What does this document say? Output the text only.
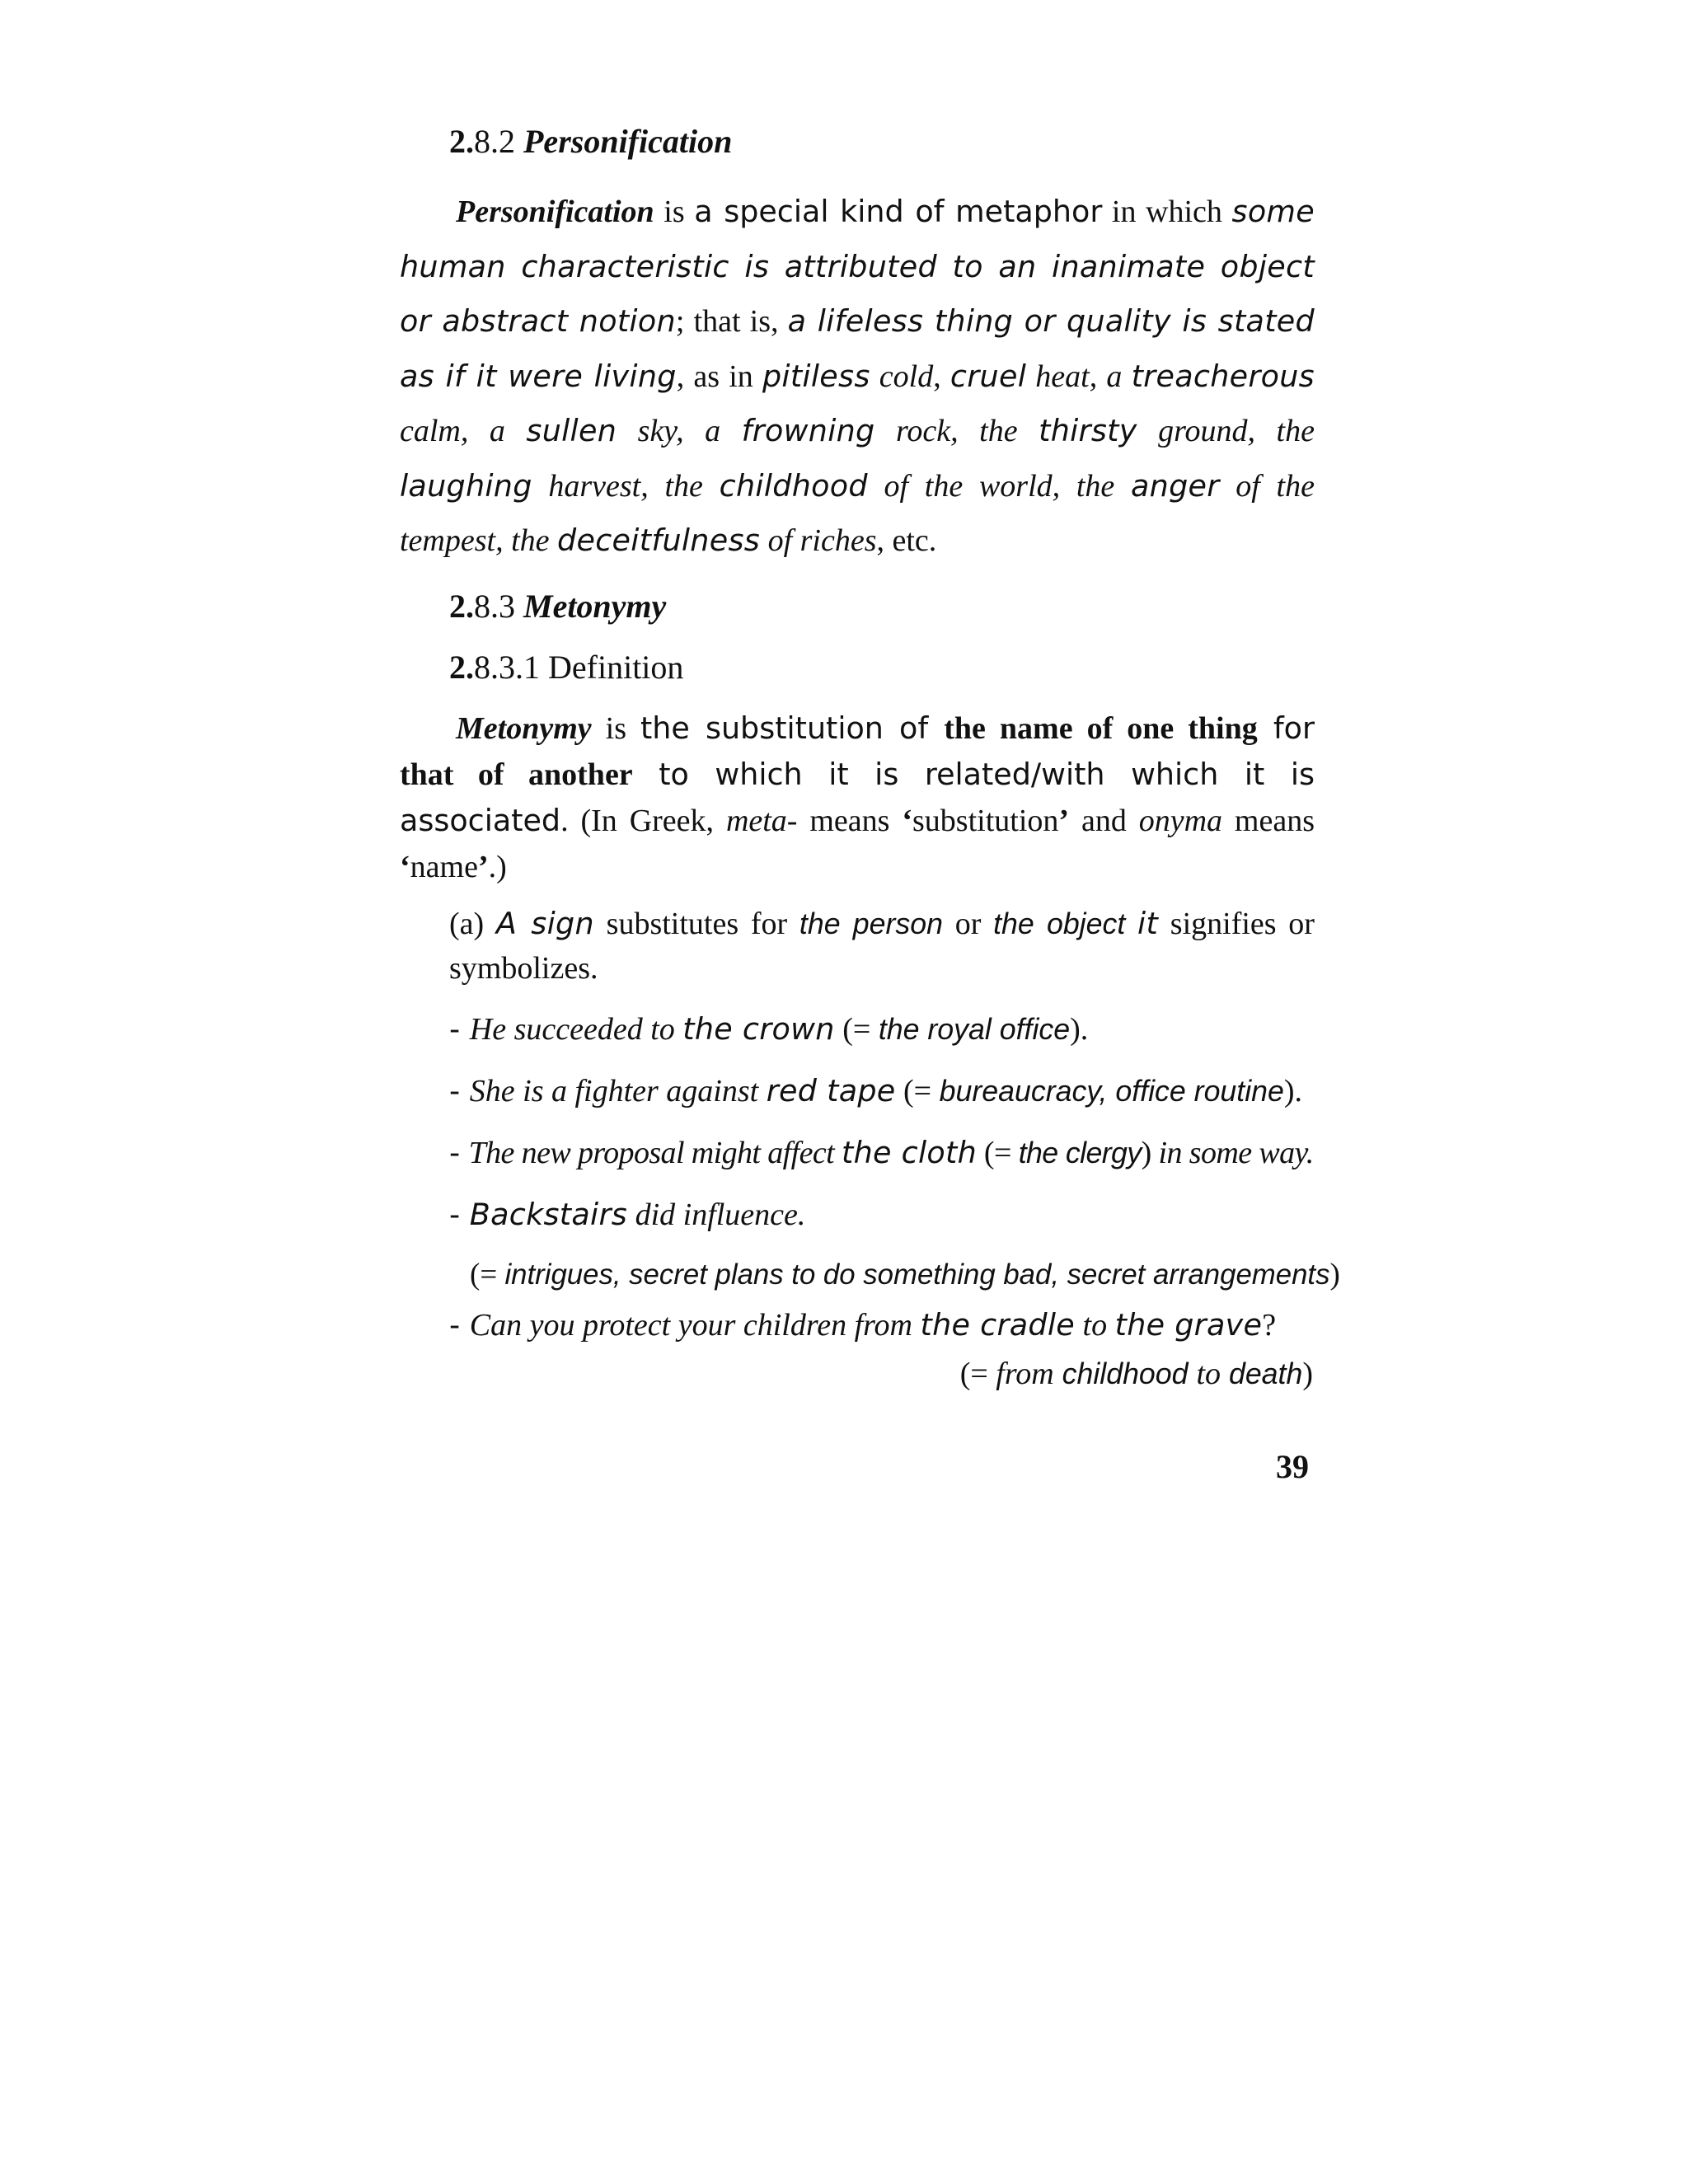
2.8.2 Personification
Personification is a special kind of metaphor in which some human characteristic is attributed to an inanimate object or abstract notion; that is, a lifeless thing or quality is stated as if it were living, as in pitiless cold, cruel heat, a treacherous calm, a sullen sky, a frowning rock, the thirsty ground, the laughing harvest, the childhood of the world, the anger of the tempest, the deceitfulness of riches, etc.
2.8.3 Metonymy
2.8.3.1 Definition
Metonymy is the substitution of the name of one thing for that of another to which it is related/with which it is associated. (In Greek, meta- means ‘substitution’ and onyma means ‘name’.)
(a) A sign substitutes for the person or the object it signifies or symbolizes.
- He succeeded to the crown (= the royal office).
- She is a fighter against red tape (= bureaucracy, office routine).
- The new proposal might affect the cloth (= the clergy) in some way.
- Backstairs did influence.
(= intrigues, secret plans to do something bad, secret arrangements)
- Can you protect your children from the cradle to the grave?
(= from childhood to death)
39
